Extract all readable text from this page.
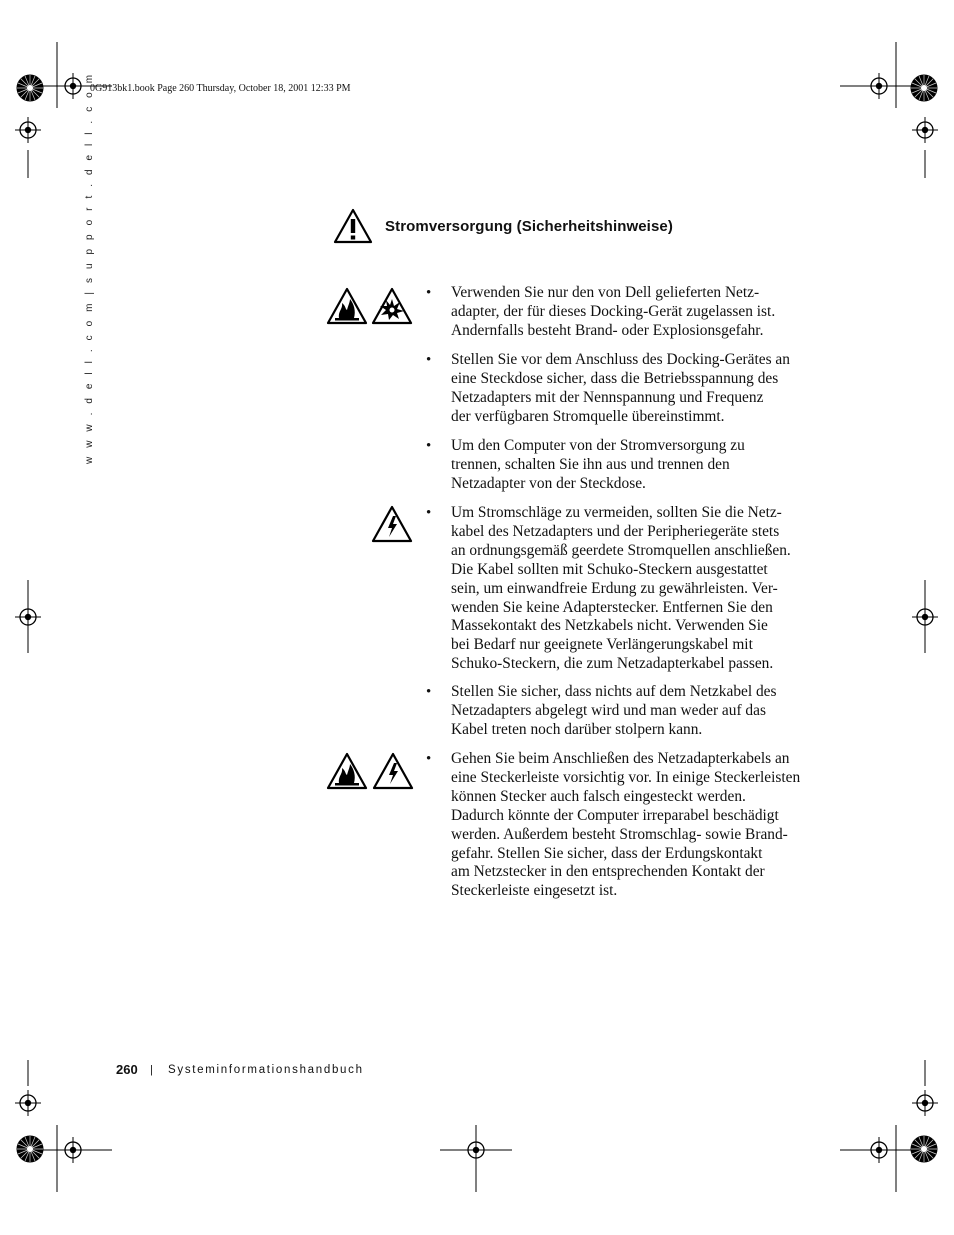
0G913bk1.book Page 260 Thursday, October 18, 2001 12:33 PM
w w w . d e l l . c o m | s u p p o r t . d e l l . c o m	Stromversorgung (Sicherheitshinweise)
• Verwenden Sie nur den von Dell gelieferten Netz-
adapter, der für dieses Docking-Gerät zugelassen ist.
Andernfalls besteht Brand- oder Explosionsgefahr.
• Stellen Sie vor dem Anschluss des Docking-Gerätes an
eine Steckdose sicher, dass die Betriebsspannung des
Netzadapters mit der Nennspannung und Frequenz
der verfügbaren Stromquelle übereinstimmt.
• Um den Computer von der Stromversorgung zu
trennen, schalten Sie ihn aus und trennen den
Netzadapter von der Steckdose.
• Um Stromschläge zu vermeiden, sollten Sie die Netz-
kabel des Netzadapters und der Peripheriegeräte stets
an ordnungsgemäß geerdete Stromquellen anschließen.
Die Kabel sollten mit Schuko-Steckern ausgestattet
sein, um einwandfreie Erdung zu gewährleisten. Ver-
wenden Sie keine Adapterstecker. Entfernen Sie den
Massekontakt des Netzkabels nicht. Verwenden Sie
bei Bedarf nur geeignete Verlängerungskabel mit
Schuko-Steckern, die zum Netzadapterkabel passen.
• Stellen Sie sicher, dass nichts auf dem Netzkabel des
Netzadapters abgelegt wird und man weder auf das
Kabel treten noch darüber stolpern kann.
• Gehen Sie beim Anschließen des Netzadapterkabels an
eine Steckerleiste vorsichtig vor. In einige Steckerleisten
können Stecker auch falsch eingesteckt werden.
Dadurch könnte der Computer irreparabel beschädigt
werden. Außerdem besteht Stromschlag- sowie Brand-
gefahr. Stellen Sie sicher, dass der Erdungskontakt
am Netzstecker in den entsprechenden Kontakt der
Steckerleiste eingesetzt ist.
260 | Systeminformationshandbuch
